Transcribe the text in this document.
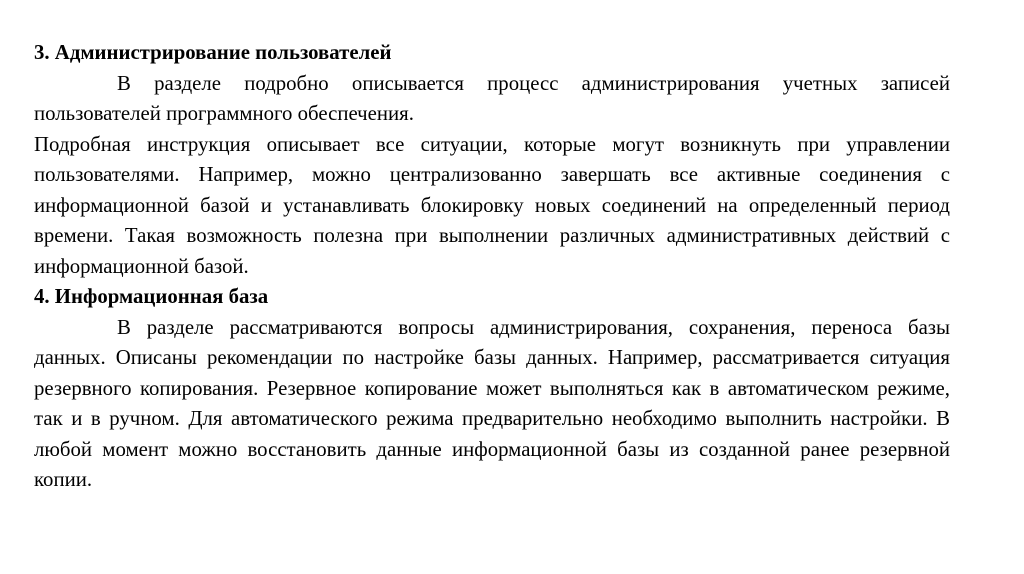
3. Администрирование пользователей

В разделе подробно описывается процесс администрирования учетных записей пользователей программного обеспечения.

Подробная инструкция описывает все ситуации, которые могут возникнуть при управлении пользователями. Например, можно централизованно завершать все активные соединения с информационной базой и устанавливать блокировку новых соединений на определенный период времени. Такая возможность полезна при выполнении различных административных действий с информационной базой.

4. Информационная база

В разделе рассматриваются вопросы администрирования, сохранения, переноса базы данных. Описаны рекомендации по настройке базы данных. Например, рассматривается ситуация резервного копирования. Резервное копирование может выполняться как в автоматическом режиме, так и в ручном. Для автоматического режима предварительно необходимо выполнить настройки. В любой момент можно восстановить данные информационной базы из созданной ранее резервной копии.
